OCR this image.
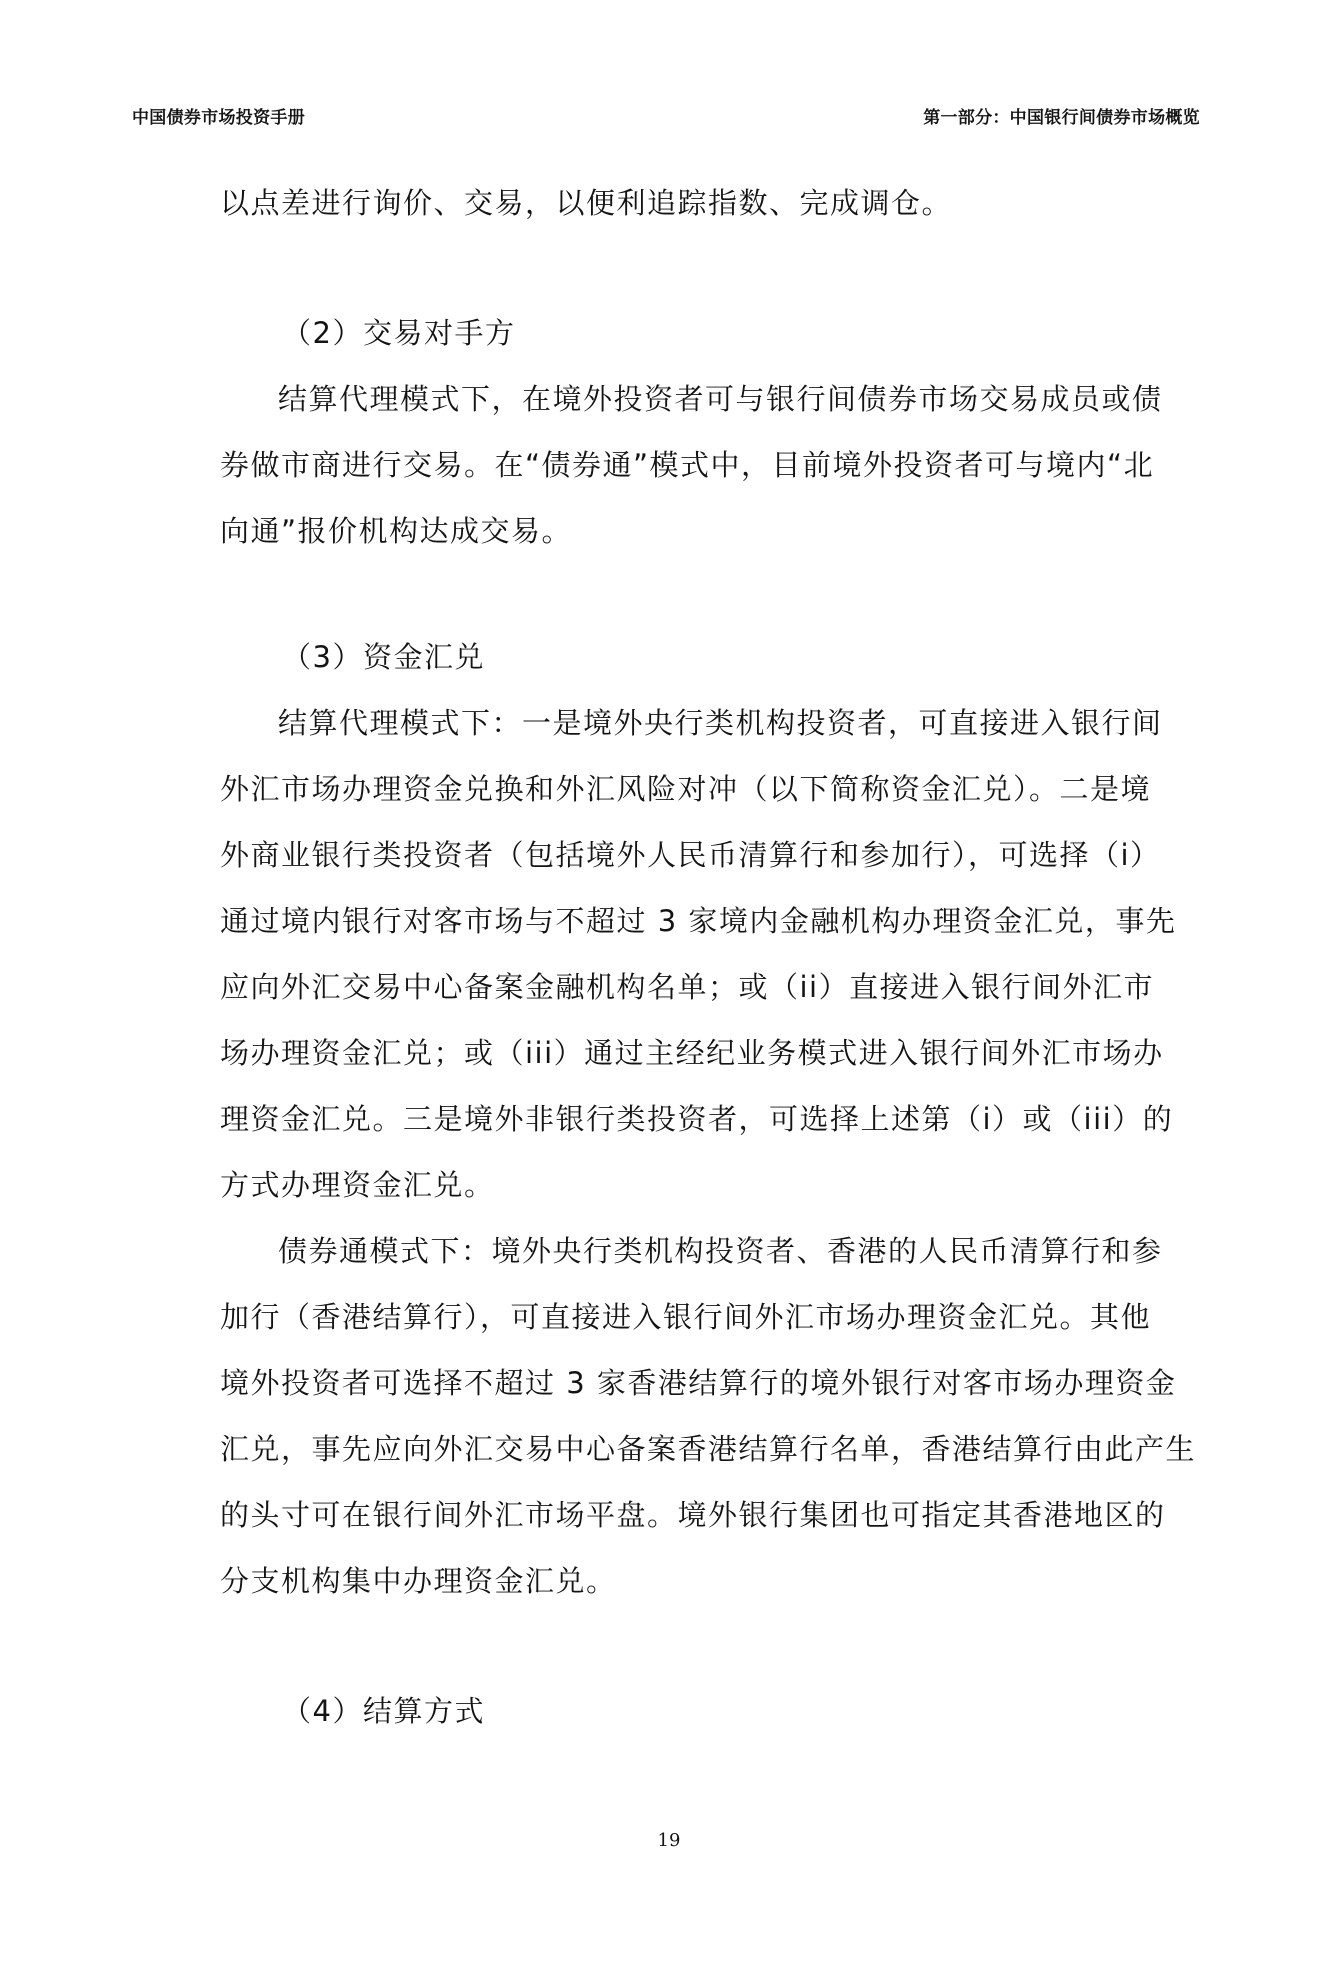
中国债券市场投资手册	第一部分：中国银行间债券市场概览
以点差进行询价、交易，以便利追踪指数、完成调仓。
（2）交易对手方
结算代理模式下，在境外投资者可与银行间债券市场交易成员或债
券做市商进行交易。在“债券通”模式中，目前境外投资者可与境内“北
向通”报价机构达成交易。
（3）资金汇兑
结算代理模式下：一是境外央行类机构投资者，可直接进入银行间
外汇市场办理资金兑换和外汇风险对冲（以下简称资金汇兑）。二是境
外商业银行类投资者（包括境外人民币清算行和参加行），可选择（i）
通过境内银行对客市场与不超过 3 家境内金融机构办理资金汇兑，事先
应向外汇交易中心备案金融机构名单；或（ii）直接进入银行间外汇市
场办理资金汇兑；或（iii）通过主经纪业务模式进入银行间外汇市场办
理资金汇兑。三是境外非银行类投资者，可选择上述第（i）或（iii）的
方式办理资金汇兑。
债券通模式下：境外央行类机构投资者、香港的人民币清算行和参
加行（香港结算行），可直接进入银行间外汇市场办理资金汇兑。其他
境外投资者可选择不超过 3 家香港结算行的境外银行对客市场办理资金
汇兑，事先应向外汇交易中心备案香港结算行名单，香港结算行由此产生
的头寸可在银行间外汇市场平盘。境外银行集团也可指定其香港地区的
分支机构集中办理资金汇兑。
（4）结算方式
19
